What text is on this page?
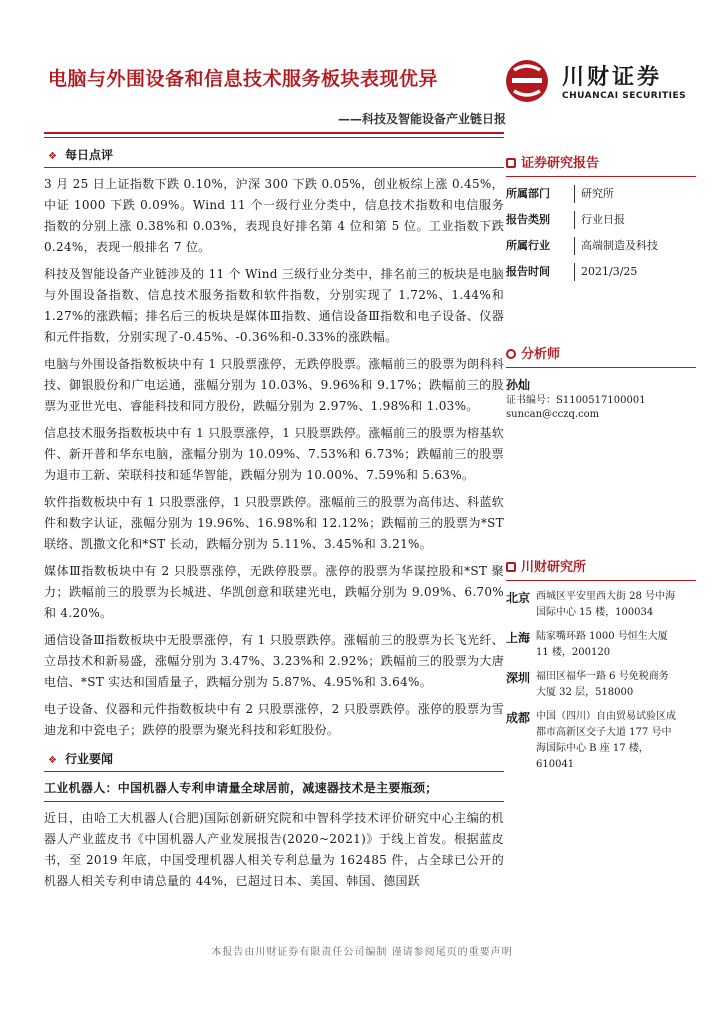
电脑与外围设备和信息技术服务板块表现优异
——科技及智能设备产业链日报
川财证券
CHUANCAI SECURITIES
❖ 每日点评

3 月 25 日上证指数下跌 0.10%，沪深 300 下跌 0.05%，创业板综上涨 0.45%，中证 1000 下跌 0.09%。Wind 11 个一级行业分类中，信息技术指数和电信服务指数的分别上涨 0.38%和 0.03%，表现良好排名第 4 位和第 5 位。工业指数下跌 0.24%，表现一般排名 7 位。

科技及智能设备产业链涉及的 11 个 Wind 三级行业分类中，排名前三的板块是电脑与外围设备指数、信息技术服务指数和软件指数，分别实现了 1.72%、1.44%和 1.27%的涨跌幅；排名后三的板块是媒体Ⅲ指数、通信设备Ⅲ指数和电子设备、仪器和元件指数，分别实现了-0.45%、-0.36%和-0.33%的涨跌幅。

电脑与外围设备指数板块中有 1 只股票涨停，无跌停股票。涨幅前三的股票为朗科科技、御银股份和广电运通，涨幅分别为 10.03%、9.96%和 9.17%；跌幅前三的股票为亚世光电、睿能科技和同方股份，跌幅分别为 2.97%、1.98%和 1.03%。

信息技术服务指数板块中有 1 只股票涨停，1 只股票跌停。涨幅前三的股票为榕基软件、新开普和华东电脑，涨幅分别为 10.09%、7.53%和 6.73%；跌幅前三的股票为退市工新、荣联科技和延华智能，跌幅分别为 10.00%、7.59%和 5.63%。

软件指数板块中有 1 只股票涨停，1 只股票跌停。涨幅前三的股票为高伟达、科蓝软件和数字认证，涨幅分别为 19.96%、16.98%和 12.12%；跌幅前三的股票为*ST 联络、凯撒文化和*ST 长动，跌幅分别为 5.11%、3.45%和 3.21%。

媒体Ⅲ指数板块中有 2 只股票涨停，无跌停股票。涨停的股票为华谋控股和*ST 聚力；跌幅前三的股票为长城进、华凯创意和联建光电，跌幅分别为 9.09%、6.70%和 4.20%。

通信设备Ⅲ指数板块中无股票涨停，有 1 只股票跌停。涨幅前三的股票为长飞光纤、立昂技术和新易盛，涨幅分别为 3.47%、3.23%和 2.92%；跌幅前三的股票为大唐电信、*ST 实达和国盾量子，跌幅分别为 5.87%、4.95%和 3.64%。

电子设备、仪器和元件指数板块中有 2 只股票涨停，2 只股票跌停。涨停的股票为雪迪龙和中瓷电子；跌停的股票为聚光科技和彩虹股份。

❖ 行业要闻

工业机器人：中国机器人专利申请量全球居前，减速器技术是主要瓶颈；

近日，由哈工大机器人(合肥)国际创新研究院和中智科学技术评价研究中心主编的机器人产业蓝皮书《中国机器人产业发展报告(2020~2021)》于线上首发。根据蓝皮书，至 2019 年底，中国受理机器人相关专利总量为 162485 件，占全球已公开的机器人相关专利申请总量的 44%，已超过日本、美国、韩国、德国跃

证券研究报告
所属部门	研究所
报告类别	行业日报
所属行业	高端制造及科技
报告时间	2021/3/25
分析师
孙灿
证书编号：S1100517100001
suncan@cczq.com
川财研究所
北京 西城区平安里西大街 28 号中海国际中心 15 楼，100034
上海 陆家嘴环路 1000 号恒生大厦 11 楼，200120
深圳 福田区福华一路 6 号免税商务大厦 32 层，518000
成都 中国（四川）自由贸易试验区成都市高新区交子大道 177 号中海国际中心 B 座 17 楼，610041
本报告由川财证券有限责任公司编制 谨请参阅尾页的重要声明
